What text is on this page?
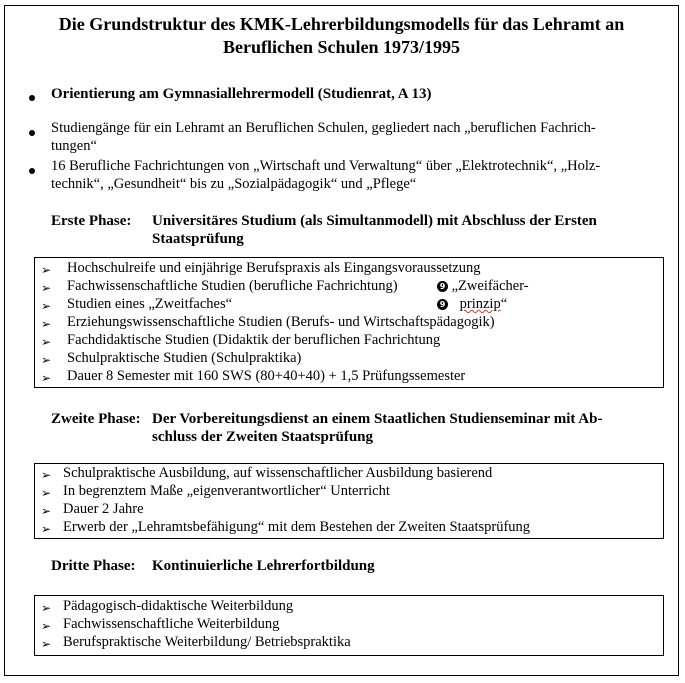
Die Grundstruktur des KMK-Lehrerbildungsmodells für das Lehramt an
Beruflichen Schulen 1973/1995
Orientierung am Gymnasiallehrermodell (Studienrat, A 13)
Studiengänge für ein Lehramt an Beruflichen Schulen, gegliedert nach „beruflichen Fachrich-
tungen“
16 Berufliche Fachrichtungen von „Wirtschaft und Verwaltung“ über „Elektrotechnik“, „Holz-
technik“, „Gesundheit“ bis zu „Sozialpädagogik“ und „Pflege“
Erste Phase: Universitäres Studium (als Simultanmodell) mit Abschluss der Ersten
Staatsprüfung
➢ Hochschulreife und einjährige Berufspraxis als Eingangsvoraussetzung
➢ Fachwissenschaftliche Studien (berufliche Fachrichtung)
➢ Studien eines „Zweitfaches“
➢ Erziehungswissenschaftliche Studien (Berufs- und Wirtschaftspädagogik)
➢ Fachdidaktische Studien (Didaktik der beruflichen Fachrichtung
➢ Schulpraktische Studien (Schulpraktika)
➢ Dauer 8 Semester mit 160 SWS (80+40+40) + 1,5 Prüfungssemester
9 „Zweifächer-
9 prinzip“
Zweite Phase: Der Vorbereitungsdienst an einem Staatlichen Studienseminar mit Ab-
schluss der Zweiten Staatsprüfung
➢ Schulpraktische Ausbildung, auf wissenschaftlicher Ausbildung basierend
➢ In begrenztem Maße „eigenverantwortlicher“ Unterricht
➢ Dauer 2 Jahre
➢ Erwerb der „Lehramtsbefähigung“ mit dem Bestehen der Zweiten Staatsprüfung
Dritte Phase: Kontinuierliche Lehrerfortbildung
➢ Pädagogisch-didaktische Weiterbildung
➢ Fachwissenschaftliche Weiterbildung
➢ Berufspraktische Weiterbildung/ Betriebspraktika
